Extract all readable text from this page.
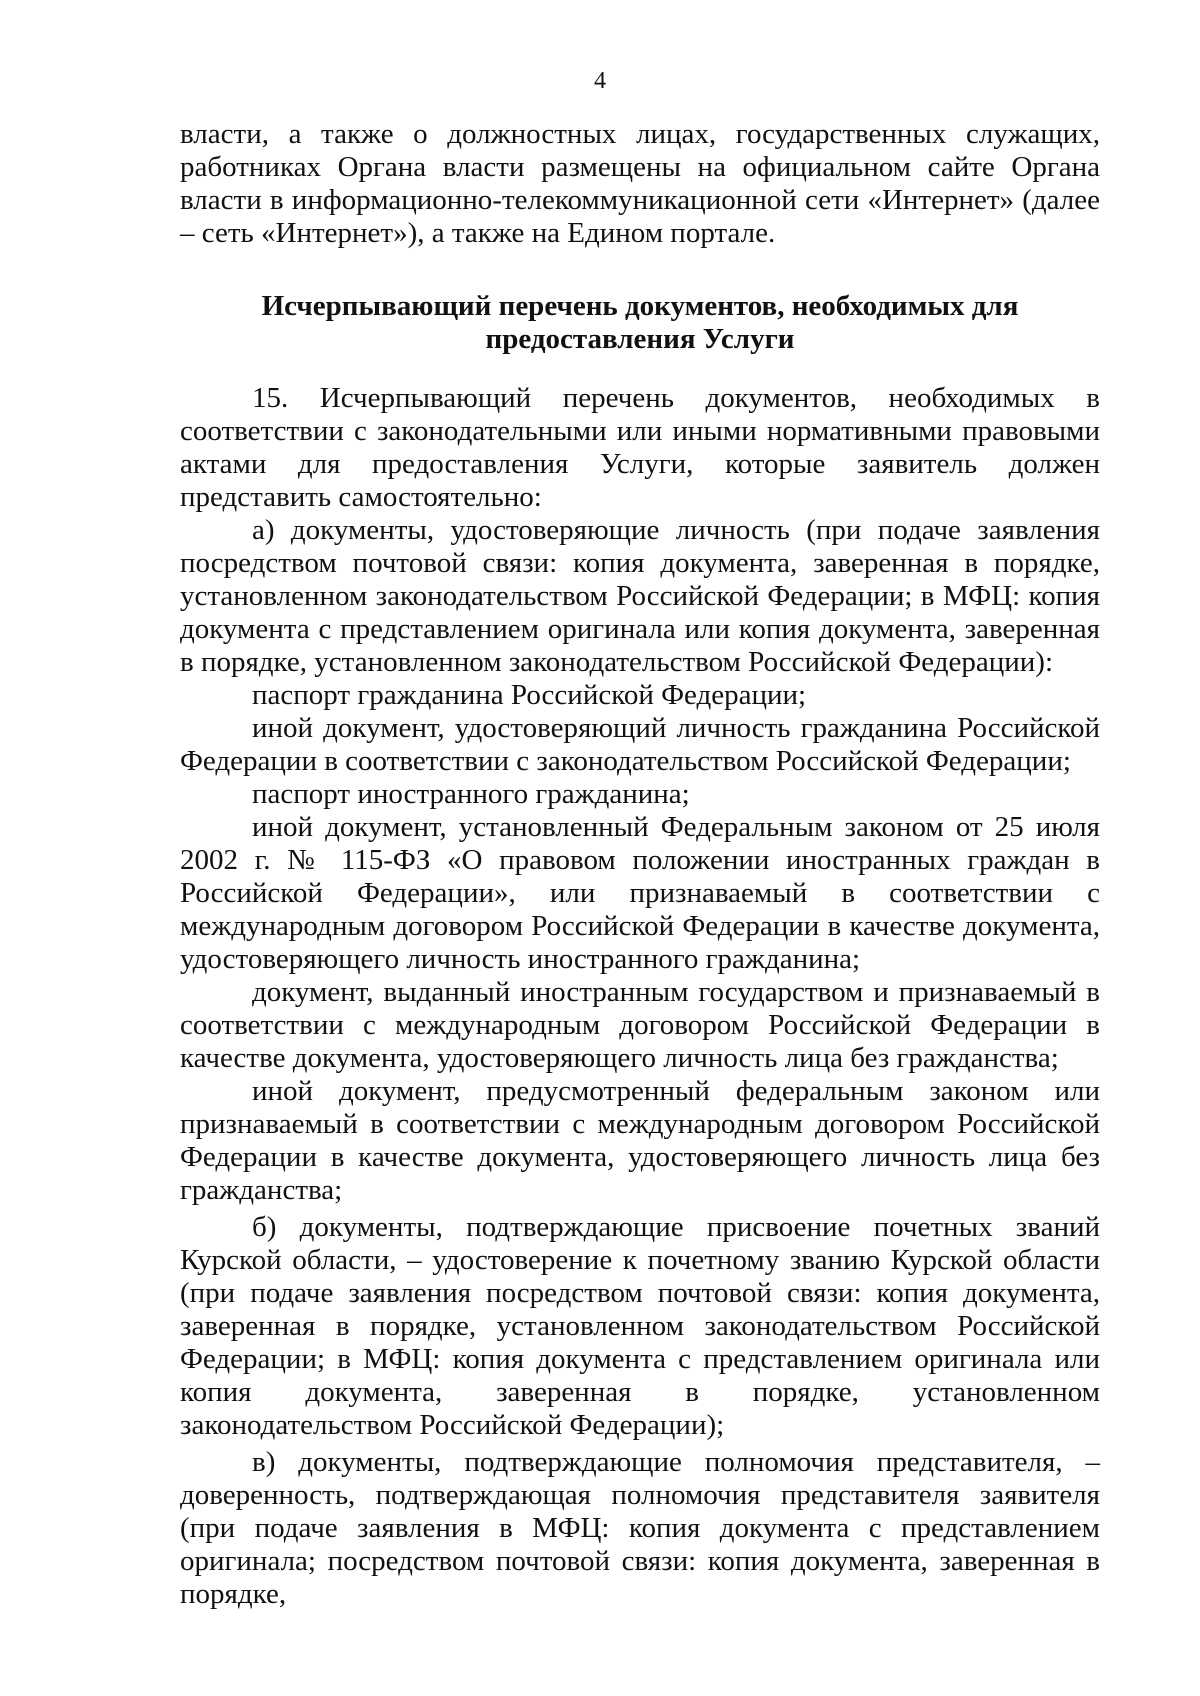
4

власти, а также о должностных лицах, государственных служащих, работниках Органа власти размещены на официальном сайте Органа власти в информационно-телекоммуникационной сети «Интернет» (далее – сеть «Интернет»), а также на Едином портале.

Исчерпывающий перечень документов, необходимых для
предоставления Услуги

15. Исчерпывающий перечень документов, необходимых в соответствии с законодательными или иными нормативными правовыми актами для предоставления Услуги, которые заявитель должен представить самостоятельно:

а) документы, удостоверяющие личность (при подаче заявления посредством почтовой связи: копия документа, заверенная в порядке, установленном законодательством Российской Федерации; в МФЦ: копия документа с представлением оригинала или копия документа, заверенная в порядке, установленном законодательством Российской Федерации):

паспорт гражданина Российской Федерации;

иной документ, удостоверяющий личность гражданина Российской Федерации в соответствии с законодательством Российской Федерации;

паспорт иностранного гражданина;

иной документ, установленный Федеральным законом от 25 июля 2002 г. № 115-ФЗ «О правовом положении иностранных граждан в Российской Федерации», или признаваемый в соответствии с международным договором Российской Федерации в качестве документа, удостоверяющего личность иностранного гражданина;

документ, выданный иностранным государством и признаваемый в соответствии с международным договором Российской Федерации в качестве документа, удостоверяющего личность лица без гражданства;

иной документ, предусмотренный федеральным законом или признаваемый в соответствии с международным договором Российской Федерации в качестве документа, удостоверяющего личность лица без гражданства;

б) документы, подтверждающие присвоение почетных званий Курской области, – удостоверение к почетному званию Курской области (при подаче заявления посредством почтовой связи: копия документа, заверенная в порядке, установленном законодательством Российской Федерации; в МФЦ: копия документа с представлением оригинала или копия документа, заверенная в порядке, установленном законодательством Российской Федерации);

в) документы, подтверждающие полномочия представителя, – доверенность, подтверждающая полномочия представителя заявителя (при подаче заявления в МФЦ: копия документа с представлением оригинала; посредством почтовой связи: копия документа, заверенная в порядке,
